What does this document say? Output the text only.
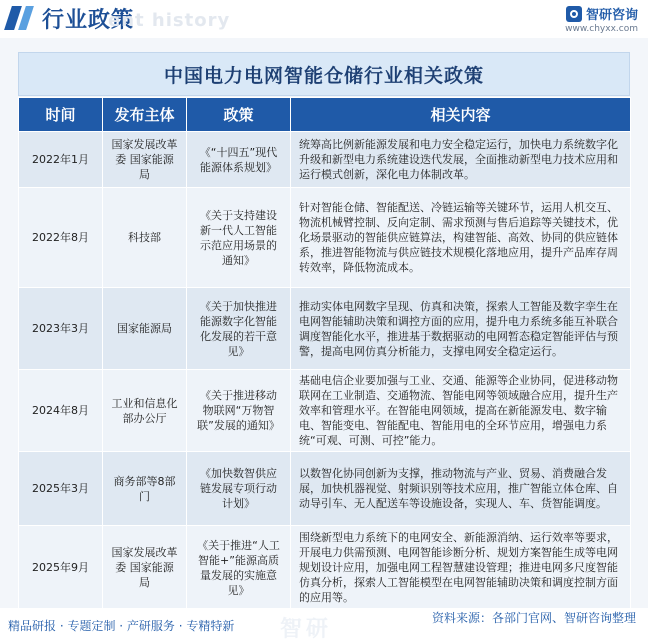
行业政策
ent history	智研咨询
www.chyxx.com
中国电力电网智能仓储行业相关政策
时间	发布主体	政策	相关内容
2022年1月	国家发展改革委 国家能源局	《“十四五”现代能源体系规划》	统筹高比例新能源发展和电力安全稳定运行，加快电力系统数字化升级和新型电力系统建设迭代发展，全面推动新型电力技术应用和运行模式创新，深化电力体制改革。
2022年8月	科技部	《关于支持建设新一代人工智能示范应用场景的通知》	针对智能仓储、智能配送、冷链运输等关键环节，运用人机交互、物流机械臂控制、反向定制、需求预测与售后追踪等关键技术，优化场景驱动的智能供应链算法，构建智能、高效、协同的供应链体系，推进智能物流与供应链技术规模化落地应用，提升产品库存周转效率，降低物流成本。
2023年3月	国家能源局	《关于加快推进能源数字化智能化发展的若干意见》	推动实体电网数字呈现、仿真和决策，探索人工智能及数字孪生在电网智能辅助决策和调控方面的应用，提升电力系统多能互补联合调度智能化水平，推进基于数据驱动的电网暂态稳定智能评估与预警，提高电网仿真分析能力，支撑电网安全稳定运行。
2024年8月	工业和信息化部办公厅	《关于推进移动物联网“万物智联”发展的通知》	基础电信企业要加强与工业、交通、能源等企业协同，促进移动物联网在工业制造、交通物流、智能电网等领域融合应用，提升生产效率和管理水平。在智能电网领域，提高在新能源发电、数字输电、智能变电、智能配电、智能用电的全环节应用，增强电力系统“可观、可测、可控”能力。
2025年3月	商务部等8部门	《加快数智供应链发展专项行动计划》	以数智化协同创新为支撑，推动物流与产业、贸易、消费融合发展，加快机器视觉、射频识别等技术应用，推广智能立体仓库、自动导引车、无人配送车等设施设备，实现人、车、货智能调度。
2025年9月	国家发展改革委 国家能源局	《关于推进“人工智能+”能源高质量发展的实施意见》	围绕新型电力系统下的电网安全、新能源消纳、运行效率等要求，开展电力供需预测、电网智能诊断分析、规划方案智能生成等电网规划设计应用，加强电网工程智慧建设管理；推进电网多尺度智能仿真分析，探索人工智能模型在电网智能辅助决策和调度控制方面的应用等。
智研
精品研报 · 专题定制 · 产研服务 · 专精特新
资料来源：各部门官网、智研咨询整理
